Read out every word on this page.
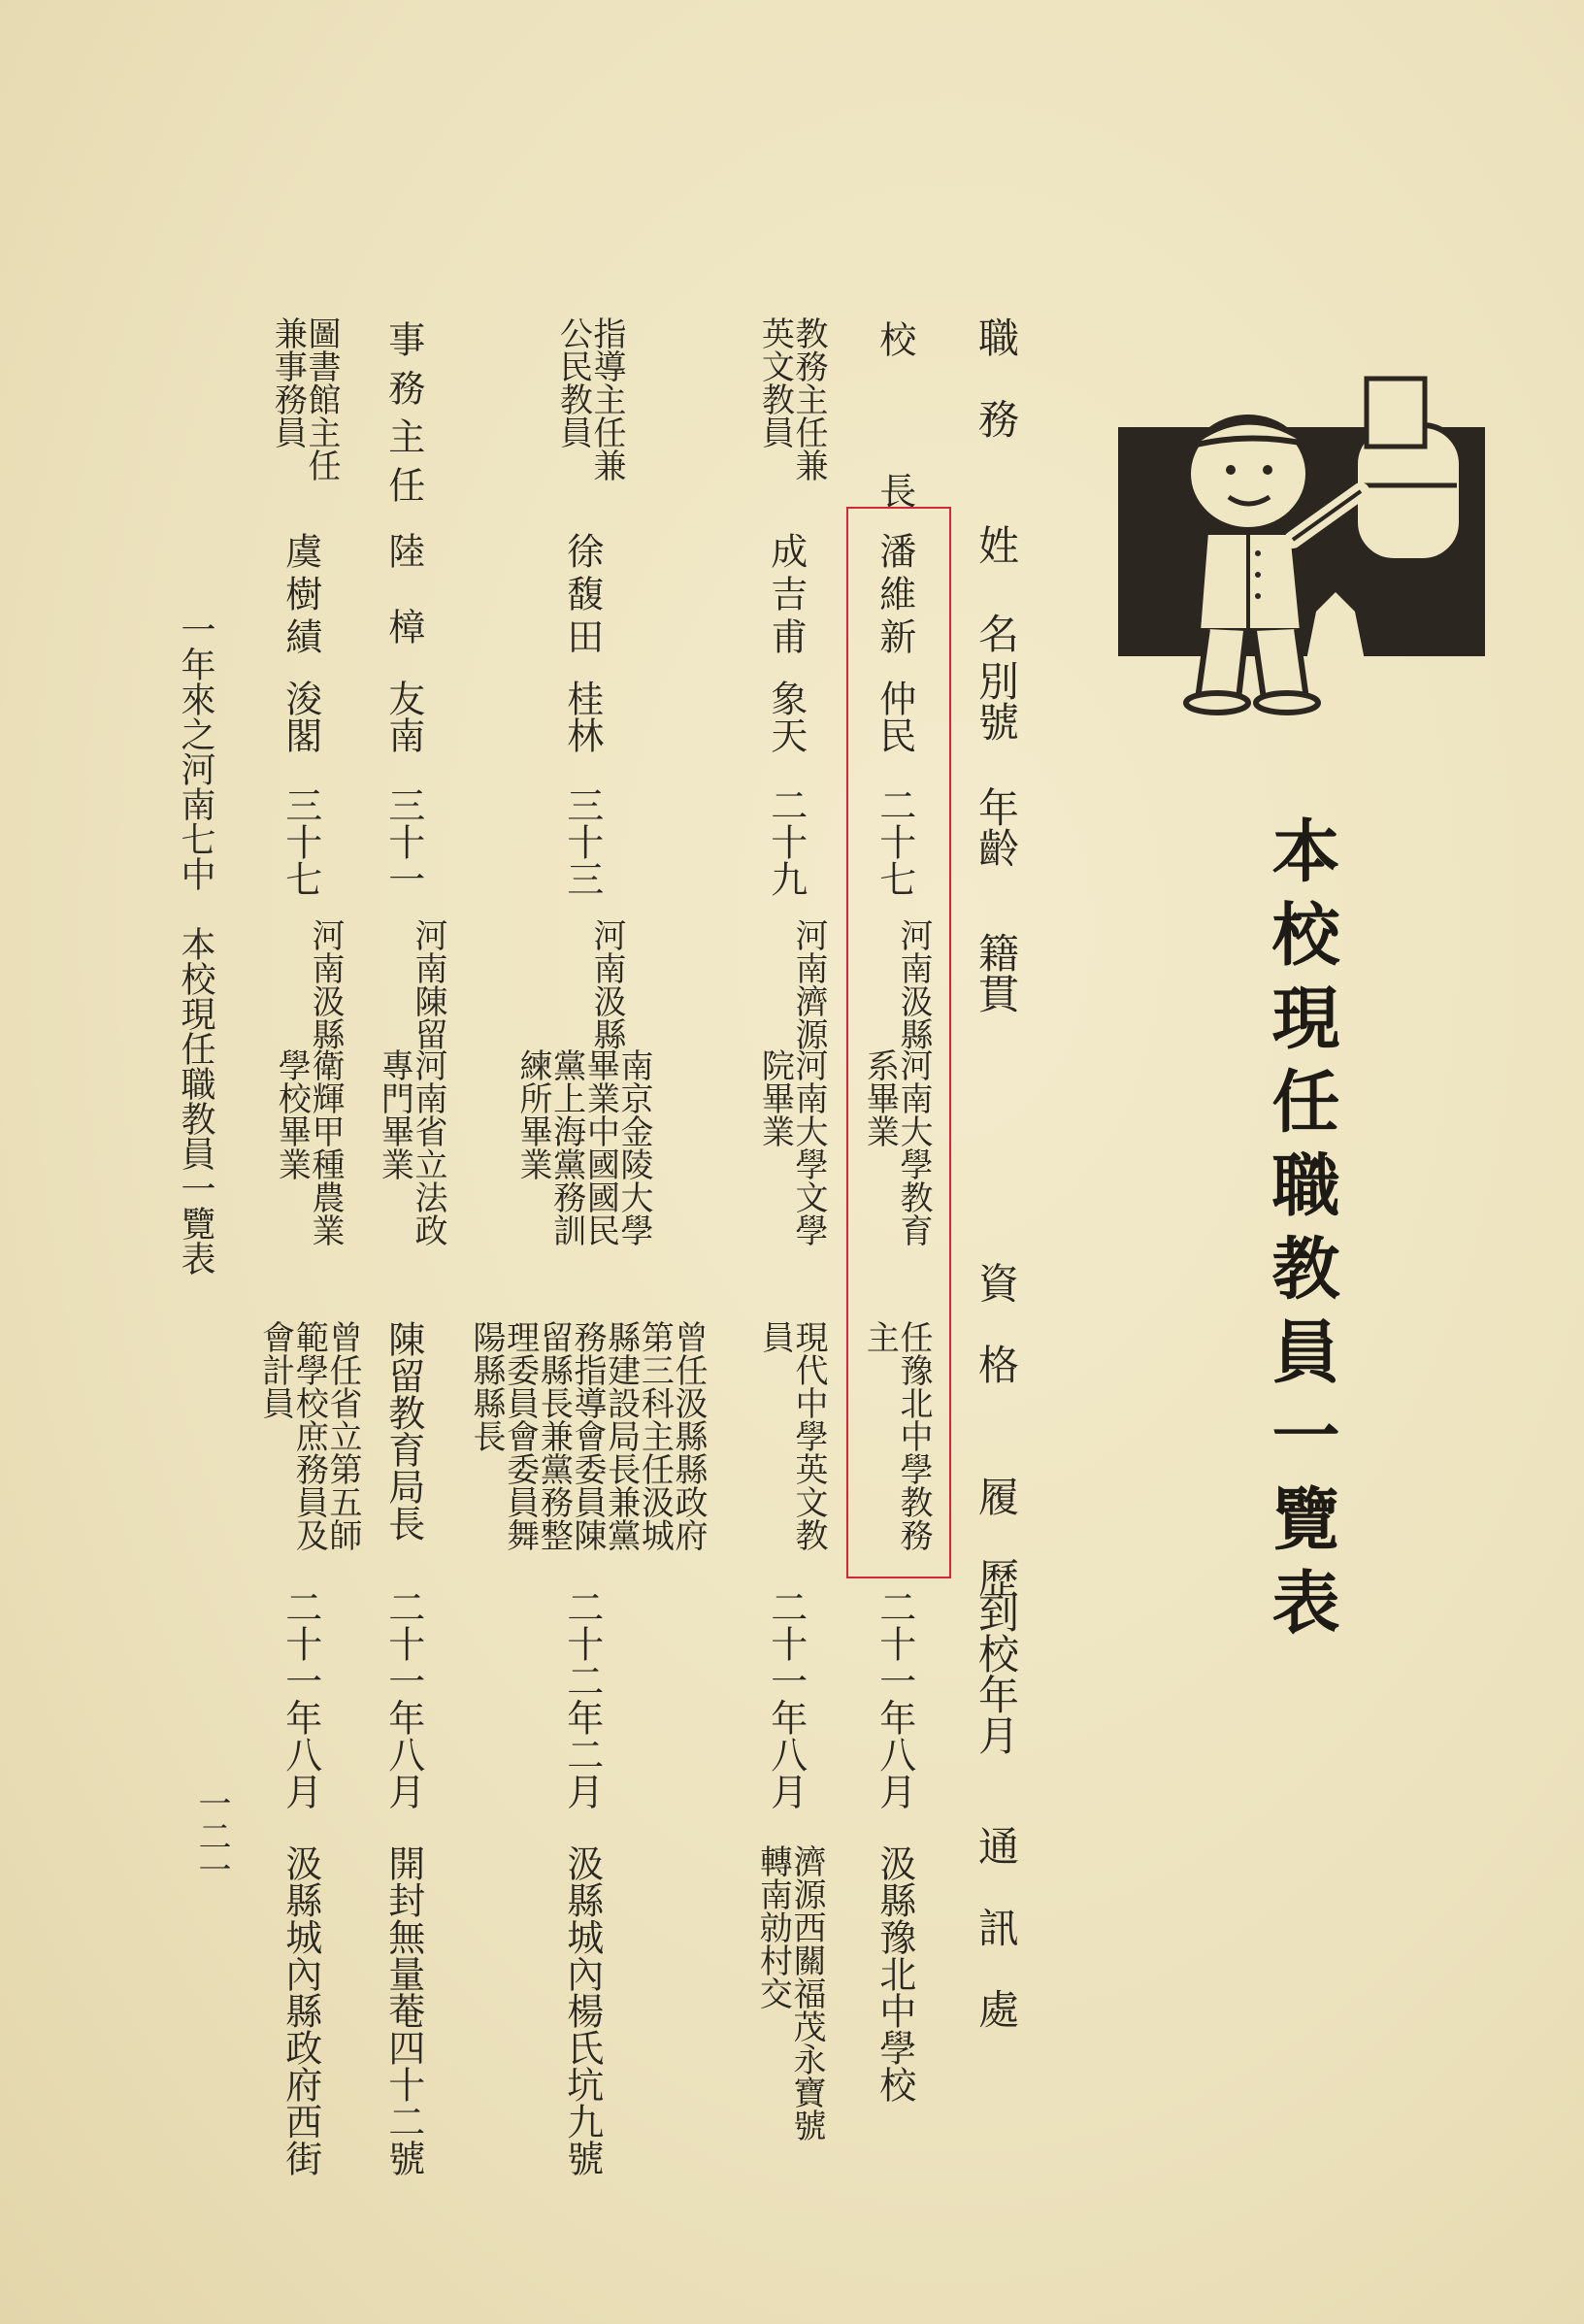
本校現任職教員一覽表
職　務
姓 名
別號
年齡
籍貫
資　格
履　歷
到校年月
通　訊　處
校　長
潘維新
仲民
二十七
河南汲縣
河南大學教育系畢業
任豫北中學教務主
二十一年八月
汲縣豫北中學校
教務主任兼英文教員
成吉甫
象天
二十九
河南濟源
河南大學文學院畢業
現代中學英文教員
二十一年八月
濟源西關福茂永寶號轉南勍村交
指導主任兼公民教員
徐馥田
桂林
三十三
河南汲縣
南京金陵大學畢業中國國民黨上海黨務訓練所畢業
曾任汲縣縣政府第三科主任汲城縣建設局長兼黨務指導會委員陳留縣長兼黨務整理委員會委員舞陽縣縣長
二十二年二月
汲縣城內楊氏坑九號
事務主任
陸樟
友南
三十一
河南陳留
河南省立法政專門畢業
陳留教育局長
二十一年八月
開封無量菴四十二號
圖書館主任兼事務員
虞樹績
浚閣
三十七
河南汲縣
衛輝甲種農業學校畢業
曾任省立第五師範學校庶務員及會計員
二十一年八月
汲縣城內縣政府西街
一年來之河南七中　本校現任職教員一覽表
一二一
